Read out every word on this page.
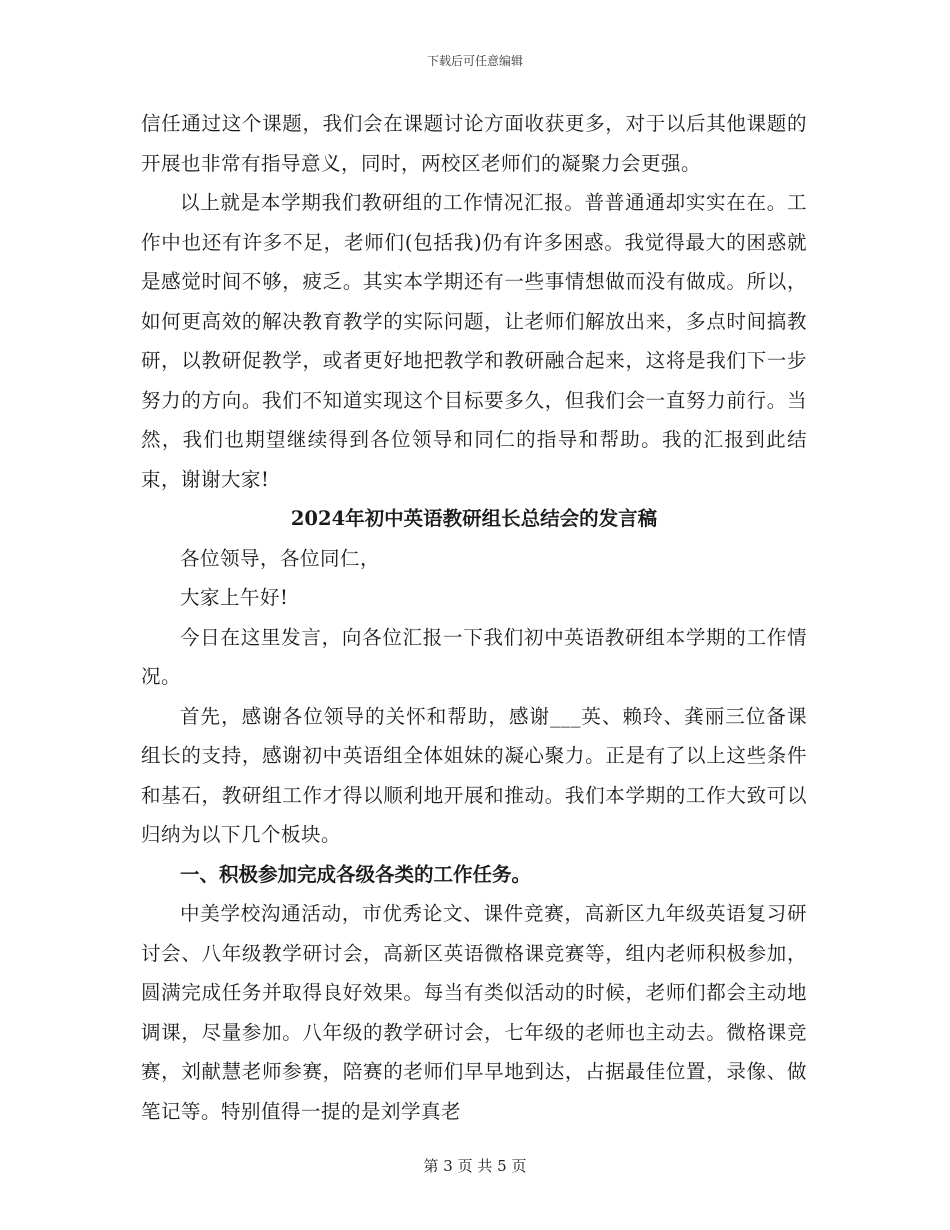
下载后可任意编辑

信任通过这个课题，我们会在课题讨论方面收获更多，对于以后其他课题的开展也非常有指导意义，同时，两校区老师们的凝聚力会更强。

以上就是本学期我们教研组的工作情况汇报。普普通通却实实在在。工作中也还有许多不足，老师们(包括我)仍有许多困惑。我觉得最大的困惑就是感觉时间不够，疲乏。其实本学期还有一些事情想做而没有做成。所以，如何更高效的解决教育教学的实际问题，让老师们解放出来，多点时间搞教研，以教研促教学，或者更好地把教学和教研融合起来，这将是我们下一步努力的方向。我们不知道实现这个目标要多久，但我们会一直努力前行。当然，我们也期望继续得到各位领导和同仁的指导和帮助。我的汇报到此结束，谢谢大家!

2024年初中英语教研组长总结会的发言稿

各位领导，各位同仁，

大家上午好!

今日在这里发言，向各位汇报一下我们初中英语教研组本学期的工作情况。

首先，感谢各位领导的关怀和帮助，感谢___英、赖玲、龚丽三位备课组长的支持，感谢初中英语组全体姐妹的凝心聚力。正是有了以上这些条件和基石，教研组工作才得以顺利地开展和推动。我们本学期的工作大致可以归纳为以下几个板块。

一、积极参加完成各级各类的工作任务。

中美学校沟通活动，市优秀论文、课件竞赛，高新区九年级英语复习研讨会、八年级教学研讨会，高新区英语微格课竞赛等，组内老师积极参加，圆满完成任务并取得良好效果。每当有类似活动的时候，老师们都会主动地调课，尽量参加。八年级的教学研讨会，七年级的老师也主动去。微格课竞赛，刘献慧老师参赛，陪赛的老师们早早地到达，占据最佳位置，录像、做笔记等。特别值得一提的是刘学真老

第 3 页 共 5 页
